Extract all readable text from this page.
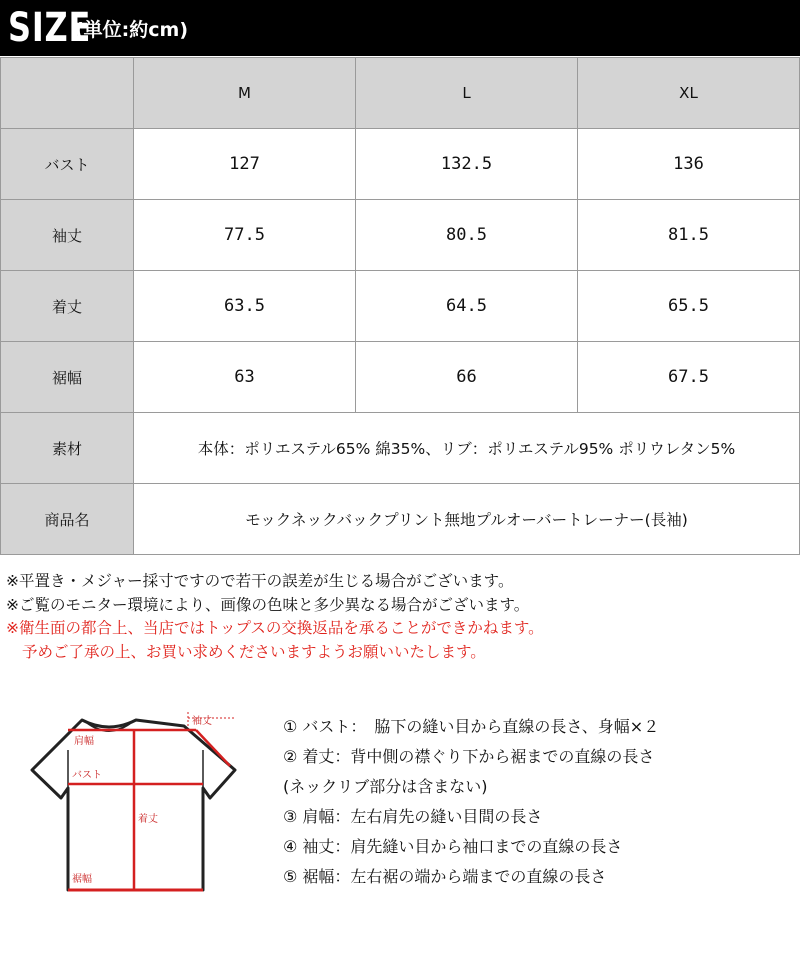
SIZE
(単位:約cm)
	M	L	XL
バスト	127	132.5	136
袖丈	77.5	80.5	81.5
着丈	63.5	64.5	65.5
裾幅	63	66	67.5
素材	本体：ポリエステル65% 綿35%、リブ：ポリエステル95% ポリウレタン5%		
商品名	モックネックバックプリント無地プルオーバートレーナー(長袖)		
※平置き・メジャー採寸ですので若干の誤差が生じる場合がございます。
※ご覧のモニター環境により、画像の色味と多少異なる場合がございます。
※衛生面の都合上、当店ではトップスの交換返品を承ることができかねます。
予めご了承の上、お買い求めくださいますようお願いいたします。
袖丈
肩幅
バスト
着丈
裾幅
① バスト：　脇下の縫い目から直線の長さ、身幅×２
② 着丈：背中側の襟ぐり下から裾までの直線の長さ
(ネックリブ部分は含まない)
③ 肩幅：左右肩先の縫い目間の長さ
④ 袖丈：肩先縫い目から袖口までの直線の長さ
⑤ 裾幅：左右裾の端から端までの直線の長さ
